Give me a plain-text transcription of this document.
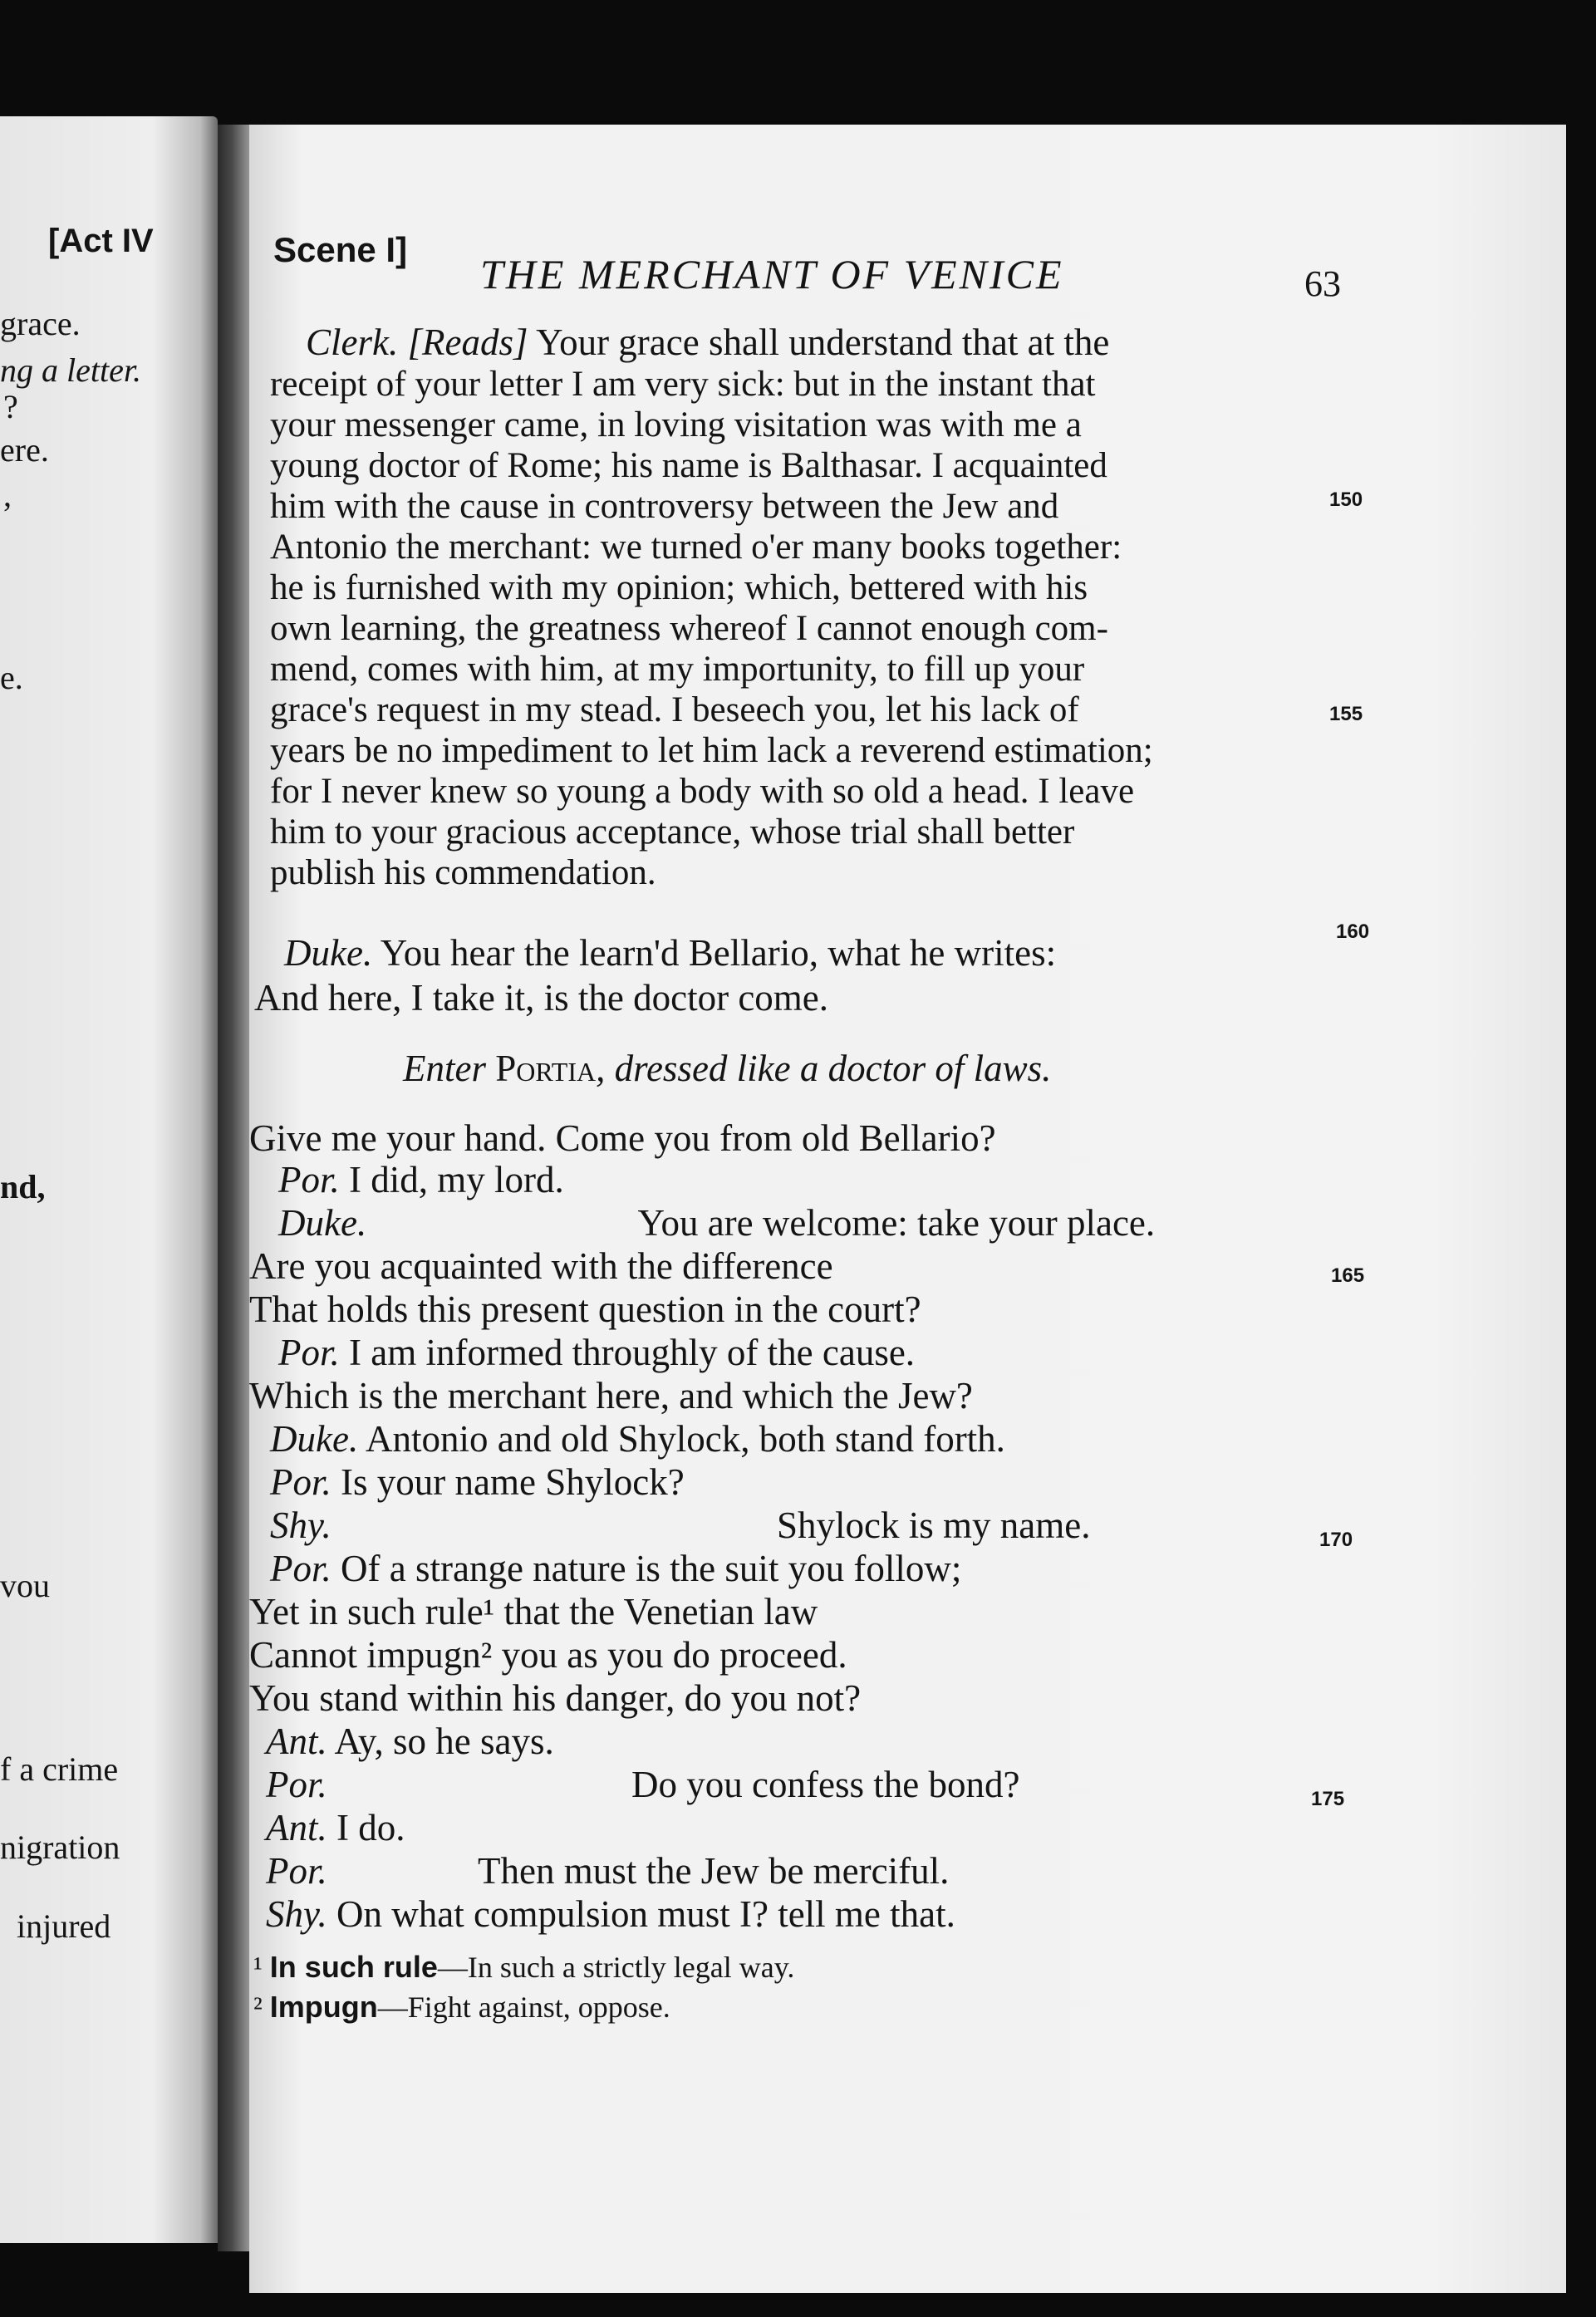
[Act IV
grace.
ng a letter.
?
ere.
,
e.
nd,
vou
f a crime
nigration
injured
Scene I]
THE MERCHANT OF VENICE	63
Clerk. [Reads] Your grace shall understand that at the
receipt of your letter I am very sick: but in the instant that
your messenger came, in loving visitation was with me a
young doctor of Rome; his name is Balthasar. I acquainted
him with the cause in controversy between the Jew and
Antonio the merchant: we turned o'er many books together:
he is furnished with my opinion; which, bettered with his
own learning, the greatness whereof I cannot enough com-
mend, comes with him, at my importunity, to fill up your
grace's request in my stead. I beseech you, let his lack of
years be no impediment to let him lack a reverend estimation;
for I never knew so young a body with so old a head. I leave
him to your gracious acceptance, whose trial shall better
publish his commendation.
Duke. You hear the learn'd Bellario, what he writes:
And here, I take it, is the doctor come.
Enter Portia, dressed like a doctor of laws.
Give me your hand. Come you from old Bellario?
Por. I did, my lord.
Duke.	You are welcome: take your place.
Are you acquainted with the difference
That holds this present question in the court?
Por. I am informed throughly of the cause.
Which is the merchant here, and which the Jew?
Duke. Antonio and old Shylock, both stand forth.
Por. Is your name Shylock?
Shy.	Shylock is my name.
Por. Of a strange nature is the suit you follow;
Yet in such rule¹ that the Venetian law
Cannot impugn² you as you do proceed.
You stand within his danger, do you not?
Ant. Ay, so he says.
Por.	Do you confess the bond?
Ant. I do.
Por.	Then must the Jew be merciful.
Shy. On what compulsion must I? tell me that.
150
155
160
165
170
175
¹ In such rule—In such a strictly legal way.
² Impugn—Fight against, oppose.
